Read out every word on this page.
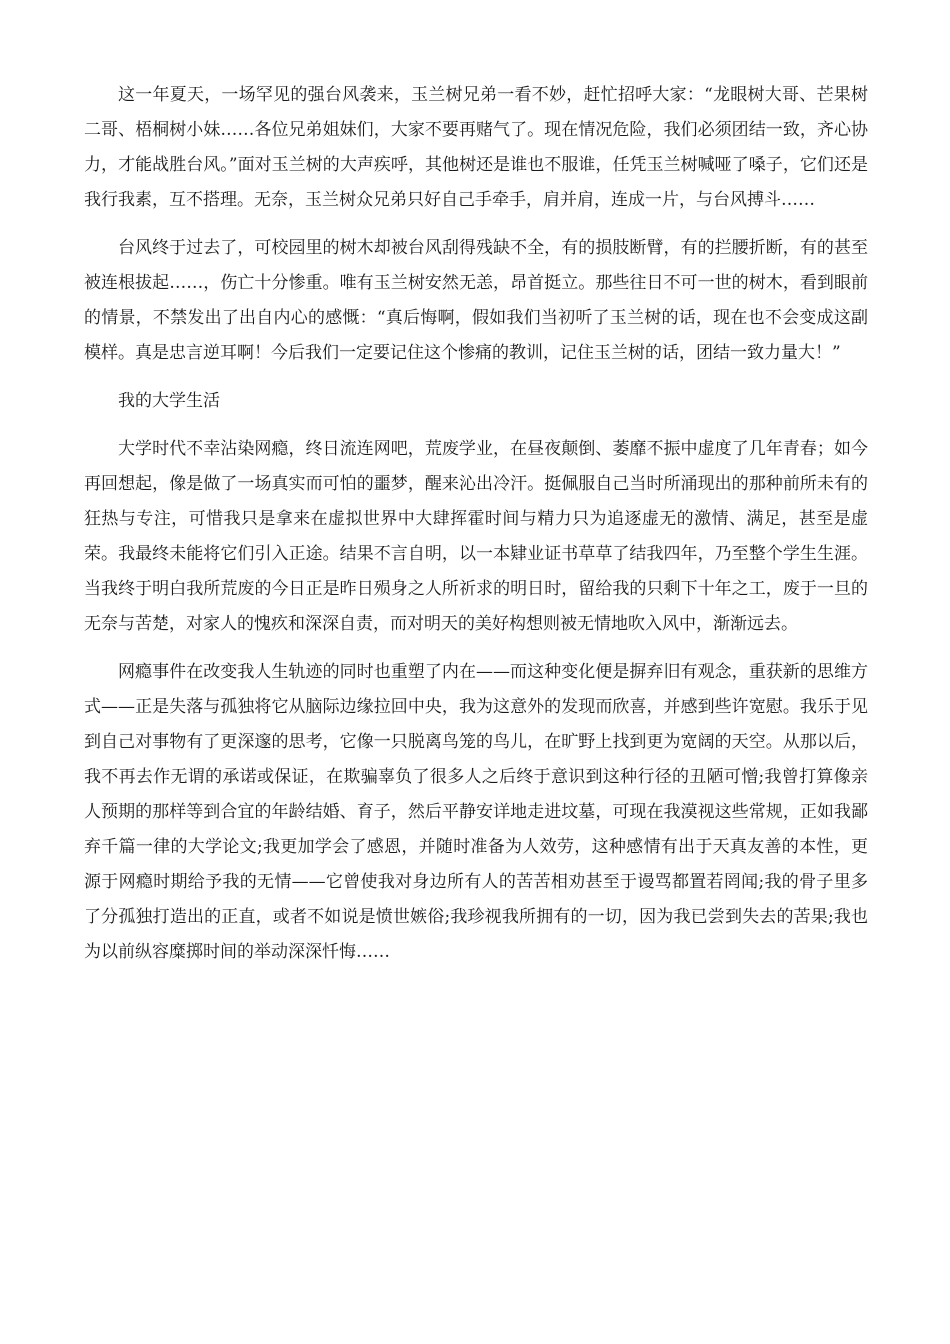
这一年夏天，一场罕见的强台风袭来，玉兰树兄弟一看不妙，赶忙招呼大家：“龙眼树大哥、芒果树二哥、梧桐树小妹……各位兄弟姐妹们，大家不要再赌气了。现在情况危险，我们必须团结一致，齐心协力，才能战胜台风。”面对玉兰树的大声疾呼，其他树还是谁也不服谁，任凭玉兰树喊哑了嗓子，它们还是我行我素，互不搭理。无奈，玉兰树众兄弟只好自己手牵手，肩并肩，连成一片，与台风搏斗……

台风终于过去了，可校园里的树木却被台风刮得残缺不全，有的损肢断臂，有的拦腰折断，有的甚至被连根拔起……，伤亡十分惨重。唯有玉兰树安然无恙，昂首挺立。那些往日不可一世的树木，看到眼前的情景，不禁发出了出自内心的感慨：“真后悔啊，假如我们当初听了玉兰树的话，现在也不会变成这副模样。真是忠言逆耳啊！今后我们一定要记住这个惨痛的教训，记住玉兰树的话，团结一致力量大！”

我的大学生活

大学时代不幸沾染网瘾，终日流连网吧，荒废学业，在昼夜颠倒、萎靡不振中虚度了几年青春；如今再回想起，像是做了一场真实而可怕的噩梦，醒来沁出冷汗。挺佩服自己当时所涌现出的那种前所未有的狂热与专注，可惜我只是拿来在虚拟世界中大肆挥霍时间与精力只为追逐虚无的激情、满足，甚至是虚荣。我最终未能将它们引入正途。结果不言自明，以一本肄业证书草草了结我四年，乃至整个学生生涯。当我终于明白我所荒废的今日正是昨日殒身之人所祈求的明日时，留给我的只剩下十年之工，废于一旦的无奈与苦楚，对家人的愧疚和深深自责，而对明天的美好构想则被无情地吹入风中，渐渐远去。

网瘾事件在改变我人生轨迹的同时也重塑了内在——而这种变化便是摒弃旧有观念，重获新的思维方式——正是失落与孤独将它从脑际边缘拉回中央，我为这意外的发现而欣喜，并感到些许宽慰。我乐于见到自己对事物有了更深邃的思考，它像一只脱离鸟笼的鸟儿，在旷野上找到更为宽阔的天空。从那以后，我不再去作无谓的承诺或保证，在欺骗辜负了很多人之后终于意识到这种行径的丑陋可憎;我曾打算像亲人预期的那样等到合宜的年龄结婚、育子，然后平静安详地走进坟墓，可现在我漠视这些常规，正如我鄙弃千篇一律的大学论文;我更加学会了感恩，并随时准备为人效劳，这种感情有出于天真友善的本性，更源于网瘾时期给予我的无情——它曾使我对身边所有人的苦苦相劝甚至于谩骂都置若罔闻;我的骨子里多了分孤独打造出的正直，或者不如说是愤世嫉俗;我珍视我所拥有的一切，因为我已尝到失去的苦果;我也为以前纵容糜掷时间的举动深深忏悔……
